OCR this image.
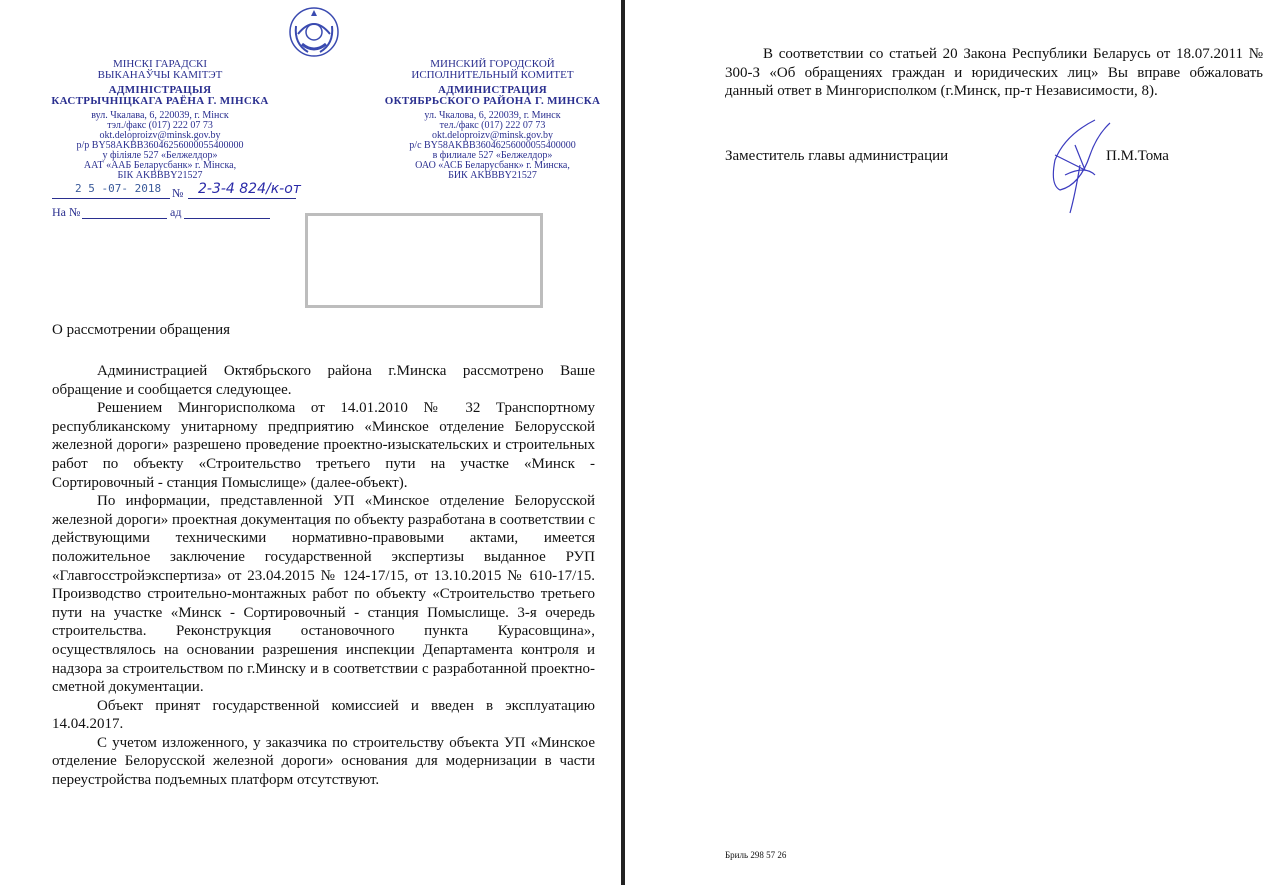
МІНСКІ ГАРАДСКІ
ВЫКАНАЎЧЫ КАМІТЭТ
АДМІНІСТРАЦЫЯ
КАСТРЫЧНІЦКАГА РАЁНА Г. МІНСКА
вул. Чкалава, 6, 220039, г. Мінск
тэл./факс (017) 222 07 73
okt.deloproizv@minsk.gov.by
р/р BY58AKBB36046256000055400000
у філіяле 527 «Белжелдор»
ААТ «ААБ Беларусбанк» г. Мінска,
БІК AKBBBY21527
МИНСКИЙ ГОРОДСКОЙ
ИСПОЛНИТЕЛЬНЫЙ КОМИТЕТ
АДМИНИСТРАЦИЯ
ОКТЯБРЬСКОГО РАЙОНА Г. МИНСКА
ул. Чкалова, 6, 220039, г. Минск
тел./факс (017) 222 07 73
okt.deloproizv@minsk.gov.by
р/с BY58AKBB36046256000055400000
в филиале 527 «Белжелдор»
ОАО «АСБ Беларусбанк» г. Минска,
БИК AKBBBY21527
2 5 -07- 2018 № 2-3-4 824/к-от
На №	ад
О рассмотрении обращения

Администрацией Октябрьского района г.Минска рассмотрено Ваше обращение и сообщается следующее.

Решением Мингорисполкома от 14.01.2010 № 32 Транспортному республиканскому унитарному предприятию «Минское отделение Белорусской железной дороги» разрешено проведение проектно-изыскательских и строительных работ по объекту «Строительство третьего пути на участке «Минск - Сортировочный - станция Помыслище» (далее-объект).

По информации, представленной УП «Минское отделение Белорусской железной дороги» проектная документация по объекту разработана в соответствии с действующими техническими нормативно-правовыми актами, имеется положительное заключение государственной экспертизы выданное РУП «Главгосстройэкспертиза» от 23.04.2015 № 124-17/15, от 13.10.2015 № 610-17/15. Производство строительно-монтажных работ по объекту «Строительство третьего пути на участке «Минск - Сортировочный - станция Помыслище. 3-я очередь строительства. Реконструкция остановочного пункта Курасовщина», осуществлялось на основании разрешения инспекции Департамента контроля и надзора за строительством по г.Минску и в соответствии с разработанной проектно-сметной документации.

Объект принят государственной комиссией и введен в эксплуатацию 14.04.2017.

С учетом изложенного, у заказчика по строительству объекта УП «Минское отделение Белорусской железной дороги» основания для модернизации в части переустройства подъемных платформ отсутствуют.

В соответствии со статьей 20 Закона Республики Беларусь от 18.07.2011 № 300-З «Об обращениях граждан и юридических лиц» Вы вправе обжаловать данный ответ в Мингорисполком (г.Минск, пр-т Независимости, 8).

Заместитель главы администрации	П.М.Тома
Бриль 298 57 26
